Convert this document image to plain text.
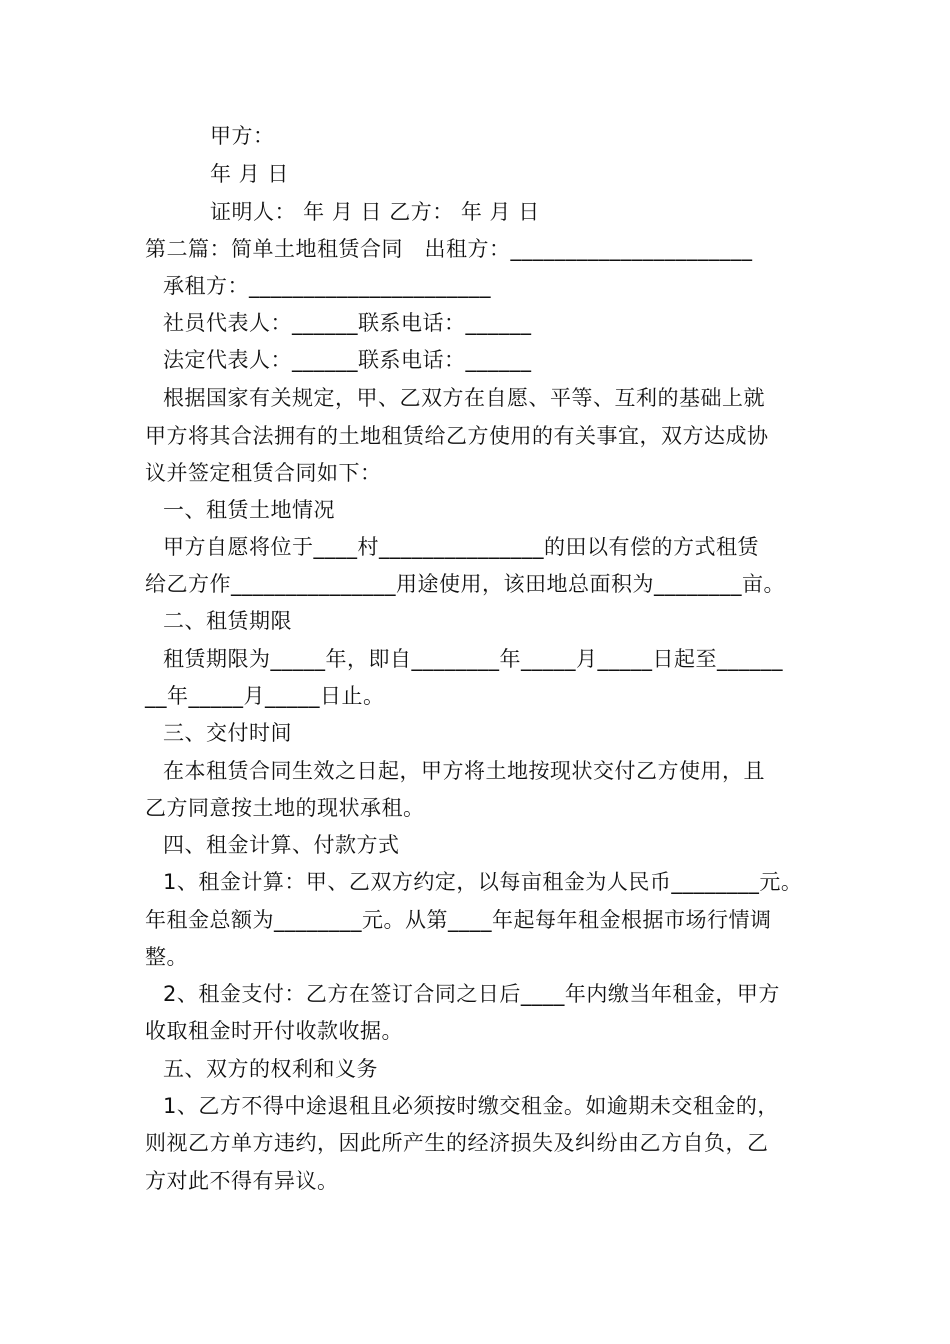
甲方：
年 月 日
证明人： 年 月 日 乙方： 年 月 日
第二篇：简单土地租赁合同   出租方：______________________
承租方：______________________
社员代表人：______联系电话：______
法定代表人：______联系电话：______
根据国家有关规定，甲、乙双方在自愿、平等、互利的基础上就
甲方将其合法拥有的土地租赁给乙方使用的有关事宜，双方达成协
议并签定租赁合同如下：
一、租赁土地情况
甲方自愿将位于____村_______________的田以有偿的方式租赁
给乙方作_______________用途使用，该田地总面积为________亩。
二、租赁期限
租赁期限为_____年，即自________年_____月_____日起至______
__年_____月_____日止。
三、交付时间
在本租赁合同生效之日起，甲方将土地按现状交付乙方使用，且
乙方同意按土地的现状承租。
四、租金计算、付款方式
1、租金计算：甲、乙双方约定，以每亩租金为人民币________元。
年租金总额为________元。从第____年起每年租金根据市场行情调
整。
2、租金支付：乙方在签订合同之日后____年内缴当年租金，甲方
收取租金时开付收款收据。
五、双方的权利和义务
1、乙方不得中途退租且必须按时缴交租金。如逾期未交租金的，
则视乙方单方违约，因此所产生的经济损失及纠纷由乙方自负，乙
方对此不得有异议。
